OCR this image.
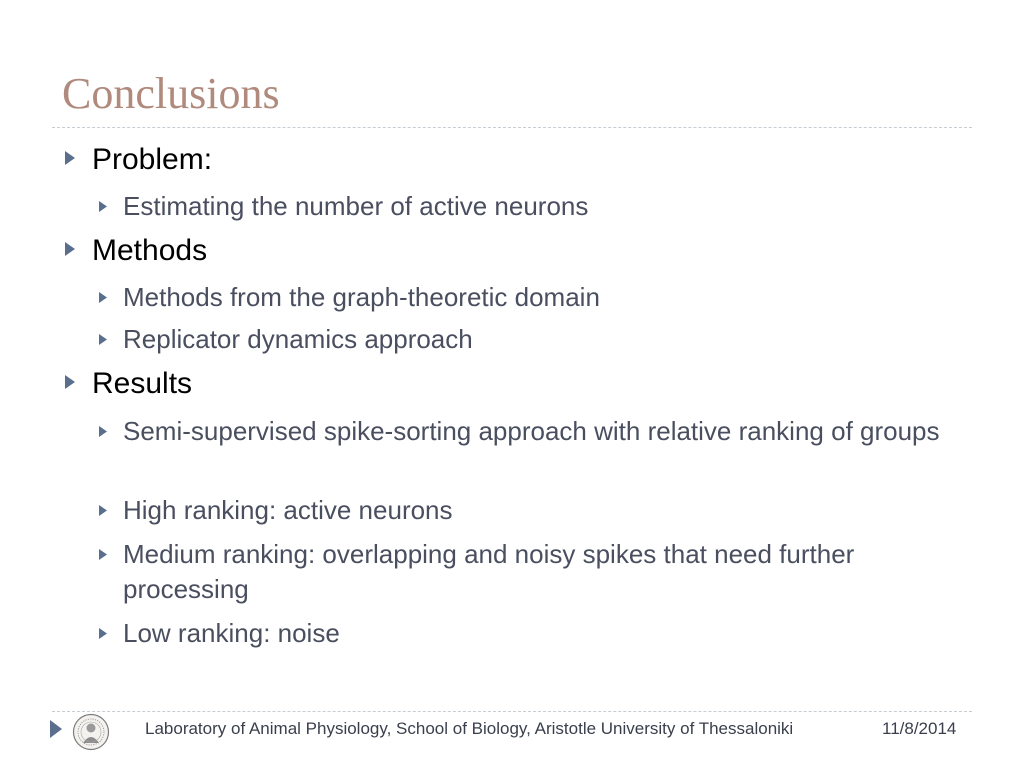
Conclusions
Problem:
Estimating the number of active neurons
Methods
Methods from the graph-theoretic domain
Replicator dynamics approach
Results
Semi-supervised spike-sorting approach with relative ranking of groups
High ranking: active neurons
Medium ranking: overlapping and noisy spikes that need further processing
Low ranking: noise
Laboratory of Animal Physiology, School of Biology, Aristotle University of Thessaloniki	11/8/2014
